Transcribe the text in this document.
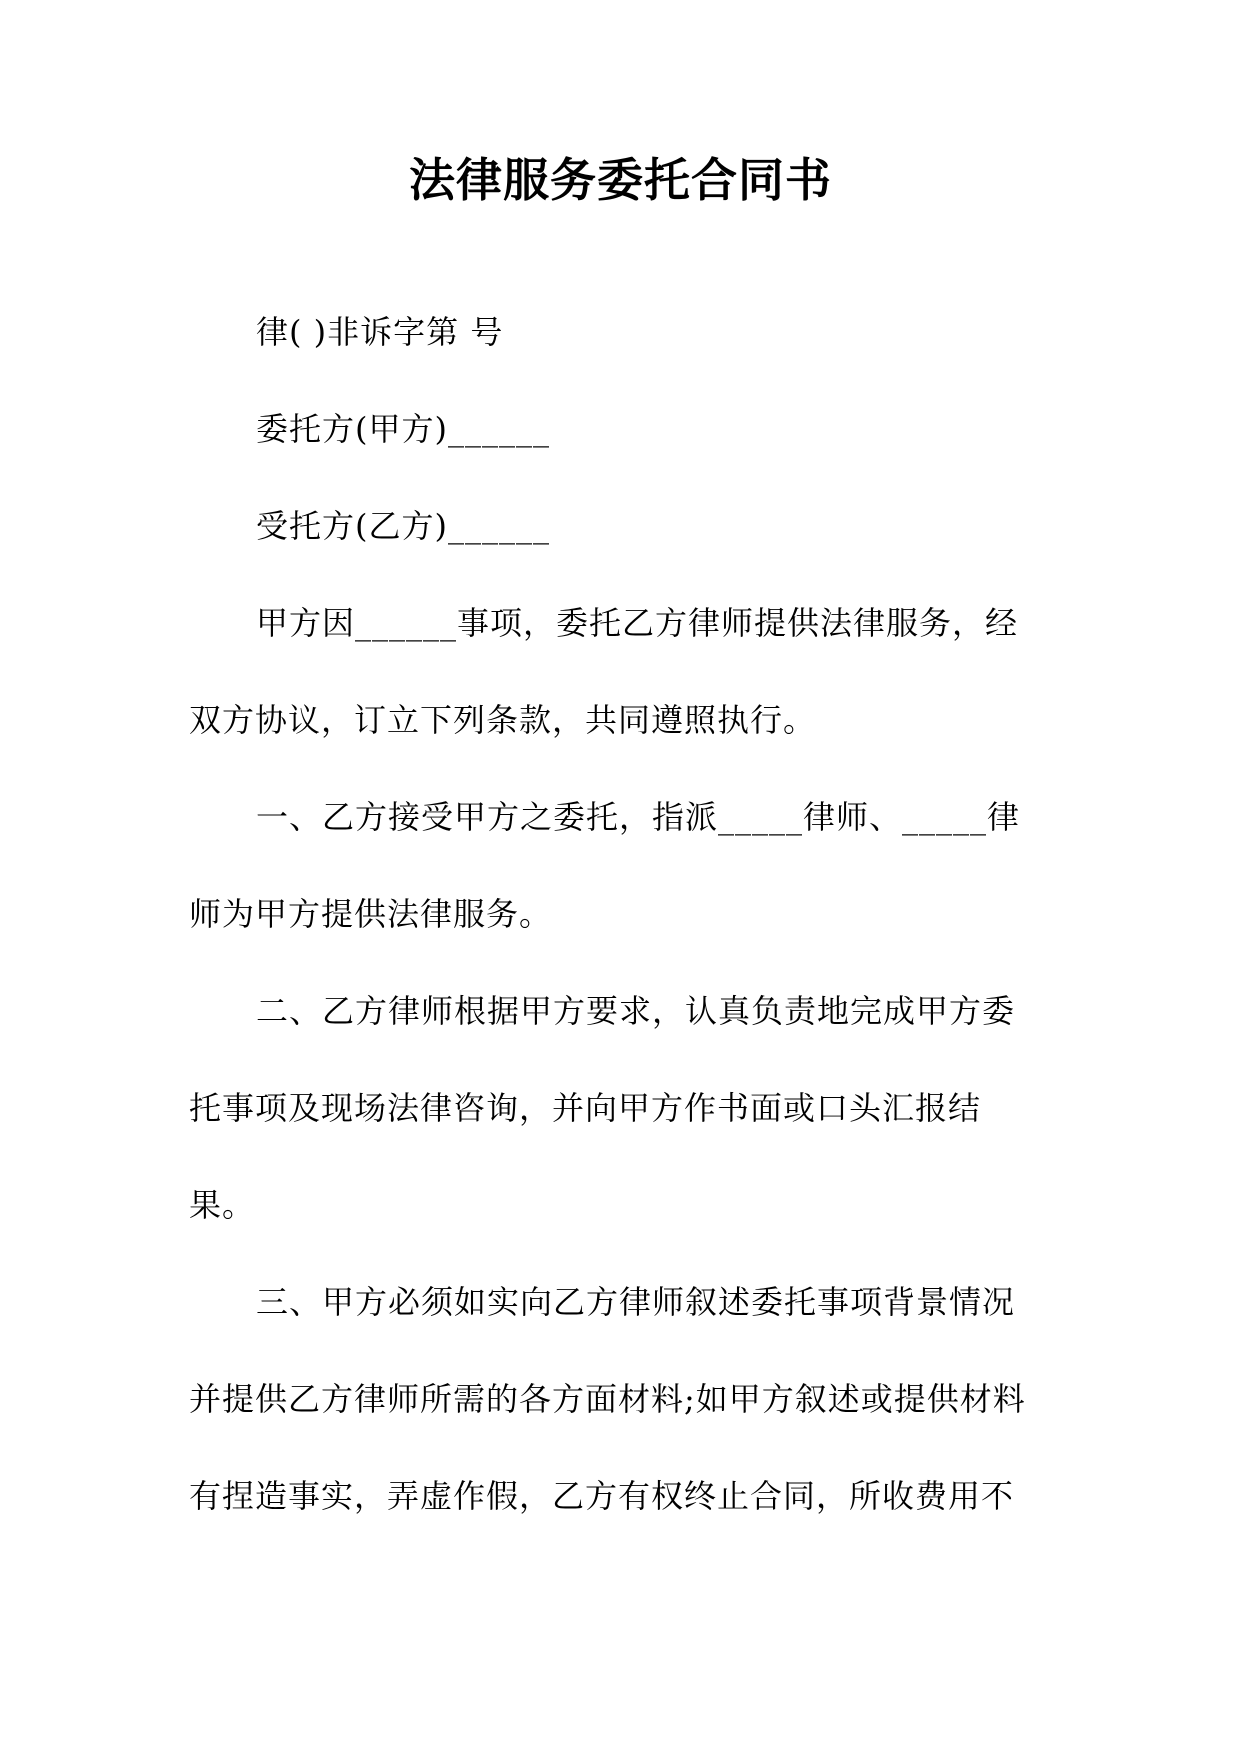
法律服务委托合同书
律( )非诉字第 号
委托方(甲方)______
受托方(乙方)______
甲方因______事项，委托乙方律师提供法律服务，经
双方协议，订立下列条款，共同遵照执行。
一、乙方接受甲方之委托，指派_____律师、_____律
师为甲方提供法律服务。
二、乙方律师根据甲方要求，认真负责地完成甲方委
托事项及现场法律咨询，并向甲方作书面或口头汇报结
果。
三、甲方必须如实向乙方律师叙述委托事项背景情况
并提供乙方律师所需的各方面材料;如甲方叙述或提供材料
有捏造事实，弄虚作假，乙方有权终止合同，所收费用不
